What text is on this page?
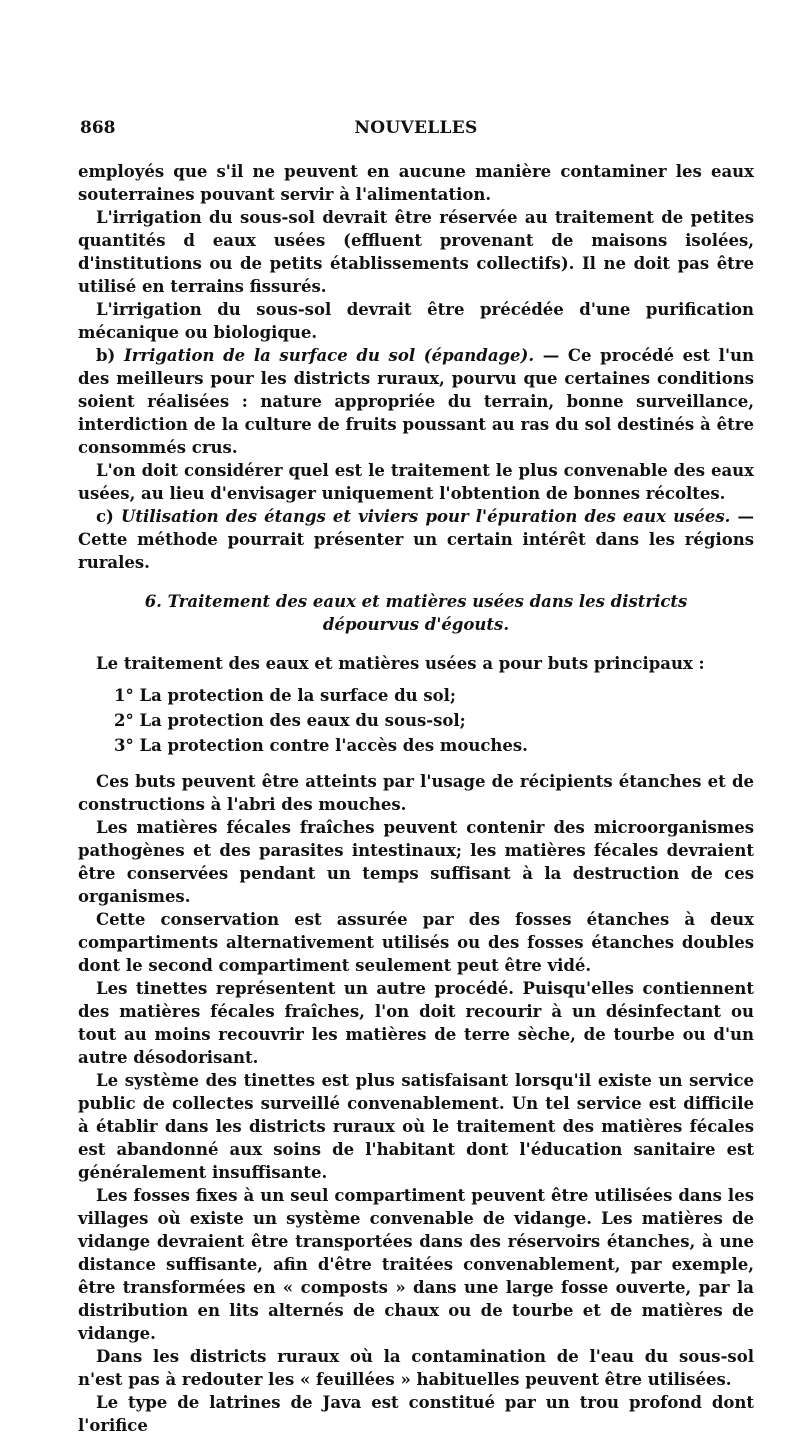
868	NOUVELLES

employés que s'il ne peuvent en aucune manière contaminer les eaux souterraines pouvant servir à l'alimentation.

L'irrigation du sous-sol devrait être réservée au traitement de petites quantités d eaux usées (effluent provenant de maisons isolées, d'institutions ou de petits établissements collectifs). Il ne doit pas être utilisé en terrains fissurés.

L'irrigation du sous-sol devrait être précédée d'une purification mécanique ou biologique.

b) Irrigation de la surface du sol (épandage). — Ce procédé est l'un des meilleurs pour les districts ruraux, pourvu que certaines conditions soient réalisées : nature appropriée du terrain, bonne surveillance, interdiction de la culture de fruits poussant au ras du sol destinés à être consommés crus.

L'on doit considérer quel est le traitement le plus convenable des eaux usées, au lieu d'envisager uniquement l'obtention de bonnes récoltes.

c) Utilisation des étangs et viviers pour l'épuration des eaux usées. — Cette méthode pourrait présenter un certain intérêt dans les régions rurales.

6. Traitement des eaux et matières usées dans les districts
dépourvus d'égouts.

Le traitement des eaux et matières usées a pour buts principaux :

1° La protection de la surface du sol;
2° La protection des eaux du sous-sol;
3° La protection contre l'accès des mouches.

Ces buts peuvent être atteints par l'usage de récipients étanches et de constructions à l'abri des mouches.

Les matières fécales fraîches peuvent contenir des microorganismes pathogènes et des parasites intestinaux; les matières fécales devraient être conservées pendant un temps suffisant à la destruction de ces organismes.

Cette conservation est assurée par des fosses étanches à deux compartiments alternativement utilisés ou des fosses étanches doubles dont le second compartiment seulement peut être vidé.

Les tinettes représentent un autre procédé. Puisqu'elles contiennent des matières fécales fraîches, l'on doit recourir à un désinfectant ou tout au moins recouvrir les matières de terre sèche, de tourbe ou d'un autre désodorisant.

Le système des tinettes est plus satisfaisant lorsqu'il existe un service public de collectes surveillé convenablement. Un tel service est difficile à établir dans les districts ruraux où le traitement des matières fécales est abandonné aux soins de l'habitant dont l'éducation sanitaire est généralement insuffisante.

Les fosses fixes à un seul compartiment peuvent être utilisées dans les villages où existe un système convenable de vidange. Les matières de vidange devraient être transportées dans des réservoirs étanches, à une distance suffisante, afin d'être traitées convenablement, par exemple, être transformées en « composts » dans une large fosse ouverte, par la distribution en lits alternés de chaux ou de tourbe et de matières de vidange.

Dans les districts ruraux où la contamination de l'eau du sous-sol n'est pas à redouter les « feuillées » habituelles peuvent être utilisées.

Le type de latrines de Java est constitué par un trou profond dont l'orifice
